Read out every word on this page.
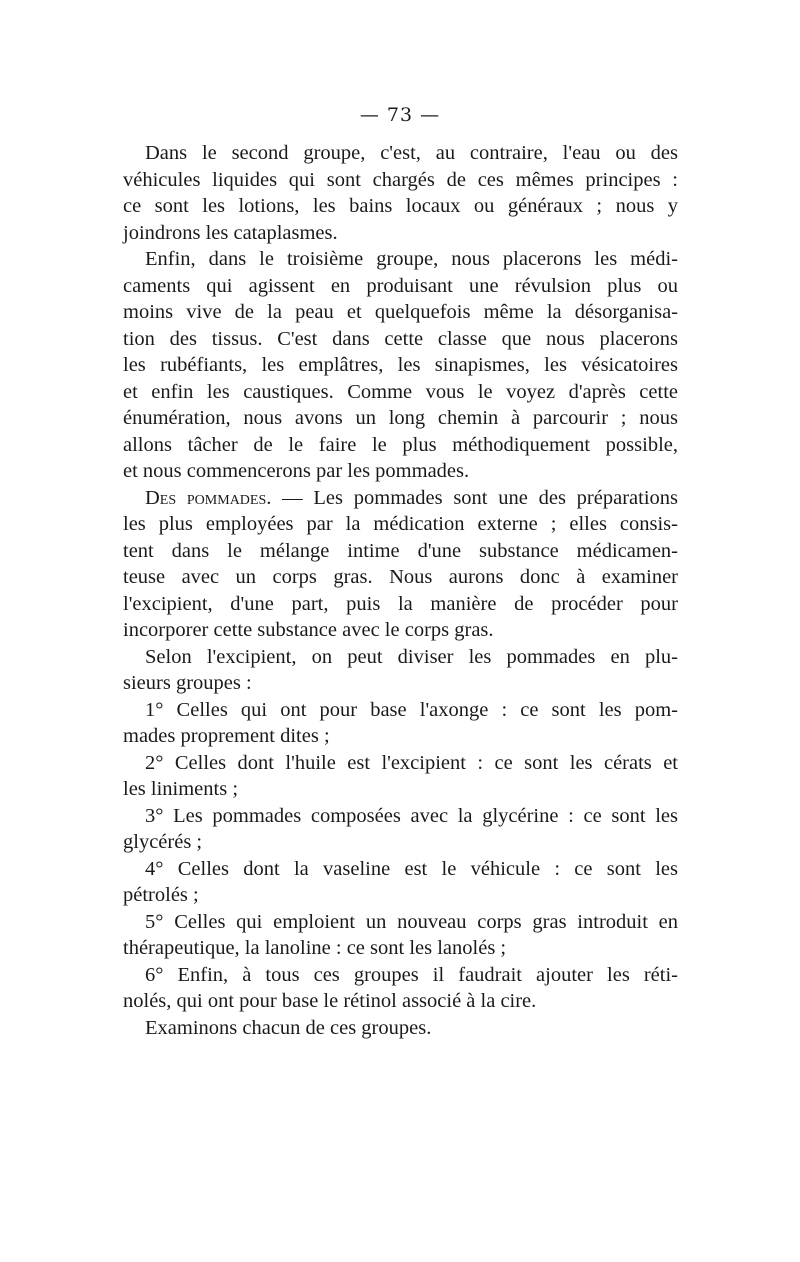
— 73 —
Dans le second groupe, c'est, au contraire, l'eau ou des
véhicules liquides qui sont chargés de ces mêmes principes :
ce sont les lotions, les bains locaux ou généraux ; nous y
joindrons les cataplasmes.
Enfin, dans le troisième groupe, nous placerons les médi-
caments qui agissent en produisant une révulsion plus ou
moins vive de la peau et quelquefois même la désorganisa-
tion des tissus. C'est dans cette classe que nous placerons
les rubéfiants, les emplâtres, les sinapismes, les vésicatoires
et enfin les caustiques. Comme vous le voyez d'après cette
énumération, nous avons un long chemin à parcourir ; nous
allons tâcher de le faire le plus méthodiquement possible,
et nous commencerons par les pommades.
Des pommades. — Les pommades sont une des préparations
les plus employées par la médication externe ; elles consis-
tent dans le mélange intime d'une substance médicamen-
teuse avec un corps gras. Nous aurons donc à examiner
l'excipient, d'une part, puis la manière de procéder pour
incorporer cette substance avec le corps gras.
Selon l'excipient, on peut diviser les pommades en plu-
sieurs groupes :
1° Celles qui ont pour base l'axonge : ce sont les pom-
mades proprement dites ;
2° Celles dont l'huile est l'excipient : ce sont les cérats et
les liniments ;
3° Les pommades composées avec la glycérine : ce sont les
glycérés ;
4° Celles dont la vaseline est le véhicule : ce sont les
pétrolés ;
5° Celles qui emploient un nouveau corps gras introduit en
thérapeutique, la lanoline : ce sont les lanolés ;
6° Enfin, à tous ces groupes il faudrait ajouter les réti-
nolés, qui ont pour base le rétinol associé à la cire.
Examinons chacun de ces groupes.
